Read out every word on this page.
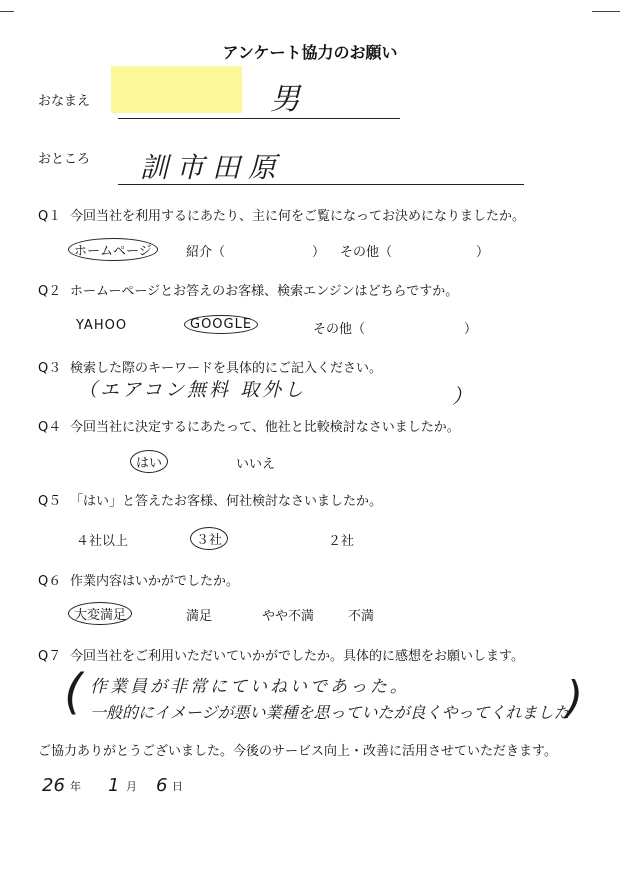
アンケート協力のお願い
おなまえ	男
おところ 訓市田原
Q１ 今回当社を利用するにあたり、主に何をご覧になってお決めになりましたか。
ホームページ	紹介（	） その他（	）
Q２ ホームーページとお答えのお客様、検索エンジンはどちらですか。
YAHOO	GOOGLE	その他（	）
Q３ 検索した際のキーワードを具体的にご記入ください。
（エアコン無料 取外し	）
Q４ 今回当社に決定するにあたって、他社と比較検討なさいましたか。
はい	いいえ
Q５ 「はい」と答えたお客様、何社検討なさいましたか。
４社以上	３社	２社
Q６ 作業内容はいかがでしたか。
大変満足	満足	やや不満	不満
Q７ 今回当社をご利用いただいていかがでしたか。具体的に感想をお願いします。
( 作業員が非常にていねいであった。
一般的にイメージが悪い業種を思っていたが良くやってくれました
)
ご協力ありがとうございました。今後のサービス向上・改善に活用させていただきます。
26 年 1 月 6 日
